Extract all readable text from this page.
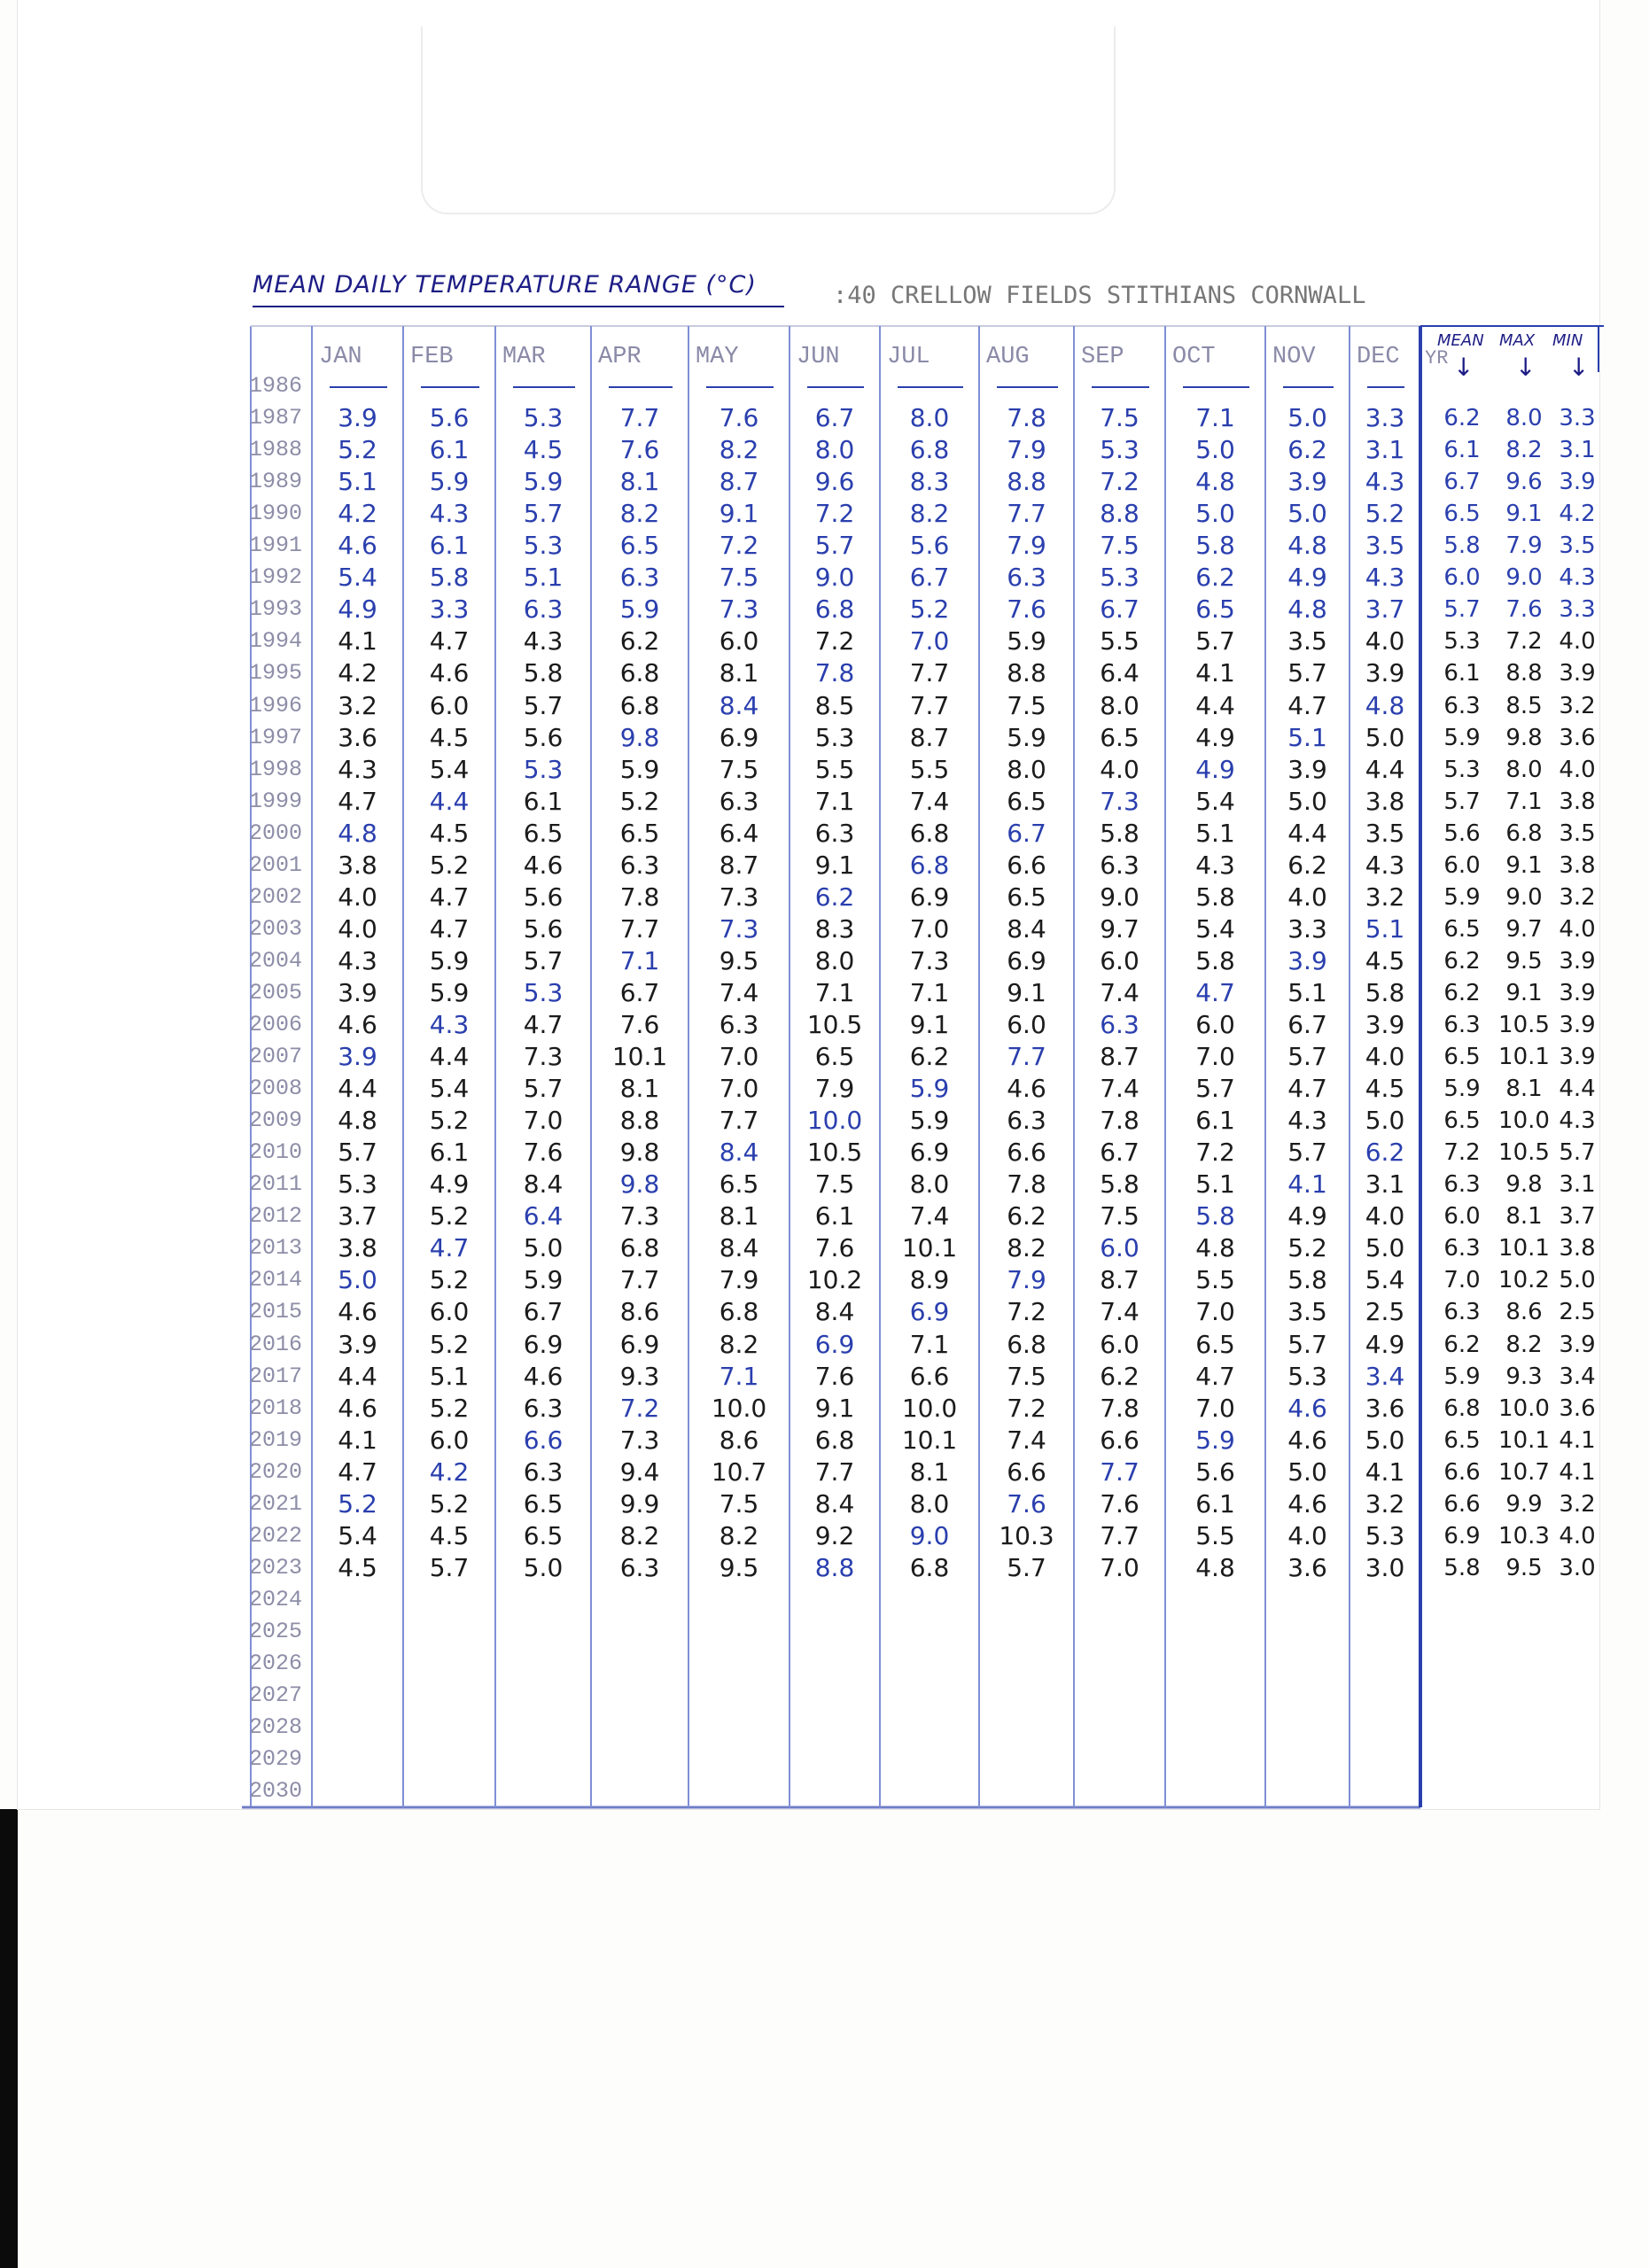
MEAN DAILY TEMPERATURE RANGE (°C)	:40 CRELLOW FIELDS STITHIANS CORNWALL
JAN FEB MAR APR MAY JUN JUL AUG SEP OCT NOV DEC YR
MEAN
↓
MAX
↓
MIN
↓
1986
1987	3.9	5.6	5.3	7.7	7.6	6.7	8.0	7.8	7.5	7.1	5.0	3.3	6.2	8.0 3.3
1988	5.2	6.1	4.5	7.6	8.2	8.0	6.8	7.9	5.3	5.0	6.2	3.1	6.1	8.2 3.1
1989	5.1	5.9	5.9	8.1	8.7	9.6	8.3	8.8	7.2	4.8	3.9	4.3	6.7	9.6 3.9
1990	4.2	4.3	5.7	8.2	9.1	7.2	8.2	7.7	8.8	5.0	5.0	5.2	6.5	9.1 4.2
1991	4.6	6.1	5.3	6.5	7.2	5.7	5.6	7.9	7.5	5.8	4.8	3.5	5.8	7.9 3.5
1992	5.4	5.8	5.1	6.3	7.5	9.0	6.7	6.3	5.3	6.2	4.9	4.3	6.0	9.0 4.3
1993	4.9	3.3	6.3	5.9	7.3	6.8	5.2	7.6	6.7	6.5	4.8	3.7	5.7	7.6 3.3
1994	4.1	4.7	4.3	6.2	6.0	7.2	7.0	5.9	5.5	5.7	3.5	4.0	5.3	7.2 4.0
1995	4.2	4.6	5.8	6.8	8.1	7.8	7.7	8.8	6.4	4.1	5.7	3.9	6.1	8.8 3.9
1996	3.2	6.0	5.7	6.8	8.4	8.5	7.7	7.5	8.0	4.4	4.7	4.8	6.3	8.5 3.2
1997	3.6	4.5	5.6	9.8	6.9	5.3	8.7	5.9	6.5	4.9	5.1	5.0	5.9	9.8 3.6
1998	4.3	5.4	5.3	5.9	7.5	5.5	5.5	8.0	4.0	4.9	3.9	4.4	5.3	8.0 4.0
1999	4.7	4.4	6.1	5.2	6.3	7.1	7.4	6.5	7.3	5.4	5.0	3.8	5.7	7.1 3.8
2000	4.8	4.5	6.5	6.5	6.4	6.3	6.8	6.7	5.8	5.1	4.4	3.5	5.6	6.8 3.5
2001	3.8	5.2	4.6	6.3	8.7	9.1	6.8	6.6	6.3	4.3	6.2	4.3	6.0	9.1 3.8
2002	4.0	4.7	5.6	7.8	7.3	6.2	6.9	6.5	9.0	5.8	4.0	3.2	5.9	9.0 3.2
2003	4.0	4.7	5.6	7.7	7.3	8.3	7.0	8.4	9.7	5.4	3.3	5.1	6.5	9.7 4.0
2004	4.3	5.9	5.7	7.1	9.5	8.0	7.3	6.9	6.0	5.8	3.9	4.5	6.2	9.5 3.9
2005	3.9	5.9	5.3	6.7	7.4	7.1	7.1	9.1	7.4	4.7	5.1	5.8	6.2	9.1 3.9
2006	4.6	4.3	4.7	7.6	6.3	10.5	9.1	6.0	6.3	6.0	6.7	3.9	6.3 10.5 3.9
2007	3.9	4.4	7.3	10.1	7.0	6.5	6.2	7.7	8.7	7.0	5.7	4.0	6.5 10.1 3.9
2008	4.4	5.4	5.7	8.1	7.0	7.9	5.9	4.6	7.4	5.7	4.7	4.5	5.9	8.1 4.4
2009	4.8	5.2	7.0	8.8	7.7	10.0	5.9	6.3	7.8	6.1	4.3	5.0	6.5 10.0 4.3
2010	5.7	6.1	7.6	9.8	8.4	10.5	6.9	6.6	6.7	7.2	5.7	6.2	7.2 10.5 5.7
2011	5.3	4.9	8.4	9.8	6.5	7.5	8.0	7.8	5.8	5.1	4.1	3.1	6.3	9.8 3.1
2012	3.7	5.2	6.4	7.3	8.1	6.1	7.4	6.2	7.5	5.8	4.9	4.0	6.0	8.1 3.7
2013	3.8	4.7	5.0	6.8	8.4	7.6	10.1	8.2	6.0	4.8	5.2	5.0	6.3 10.1 3.8
2014	5.0	5.2	5.9	7.7	7.9	10.2	8.9	7.9	8.7	5.5	5.8	5.4	7.0 10.2 5.0
2015	4.6	6.0	6.7	8.6	6.8	8.4	6.9	7.2	7.4	7.0	3.5	2.5	6.3	8.6 2.5
2016	3.9	5.2	6.9	6.9	8.2	6.9	7.1	6.8	6.0	6.5	5.7	4.9	6.2	8.2 3.9
2017	4.4	5.1	4.6	9.3	7.1	7.6	6.6	7.5	6.2	4.7	5.3	3.4	5.9	9.3 3.4
2018	4.6	5.2	6.3	7.2	10.0	9.1	10.0	7.2	7.8	7.0	4.6	3.6	6.8 10.0 3.6
2019	4.1	6.0	6.6	7.3	8.6	6.8	10.1	7.4	6.6	5.9	4.6	5.0	6.5 10.1 4.1
2020	4.7	4.2	6.3	9.4	10.7	7.7	8.1	6.6	7.7	5.6	5.0	4.1	6.6 10.7 4.1
2021	5.2	5.2	6.5	9.9	7.5	8.4	8.0	7.6	7.6	6.1	4.6	3.2	6.6	9.9 3.2
2022	5.4	4.5	6.5	8.2	8.2	9.2	9.0	10.3	7.7	5.5	4.0	5.3	6.9 10.3 4.0
2023	4.5	5.7	5.0	6.3	9.5	8.8	6.8	5.7	7.0	4.8	3.6	3.0	5.8	9.5 3.0
2024
2025
2026
2027
2028
2029
2030
